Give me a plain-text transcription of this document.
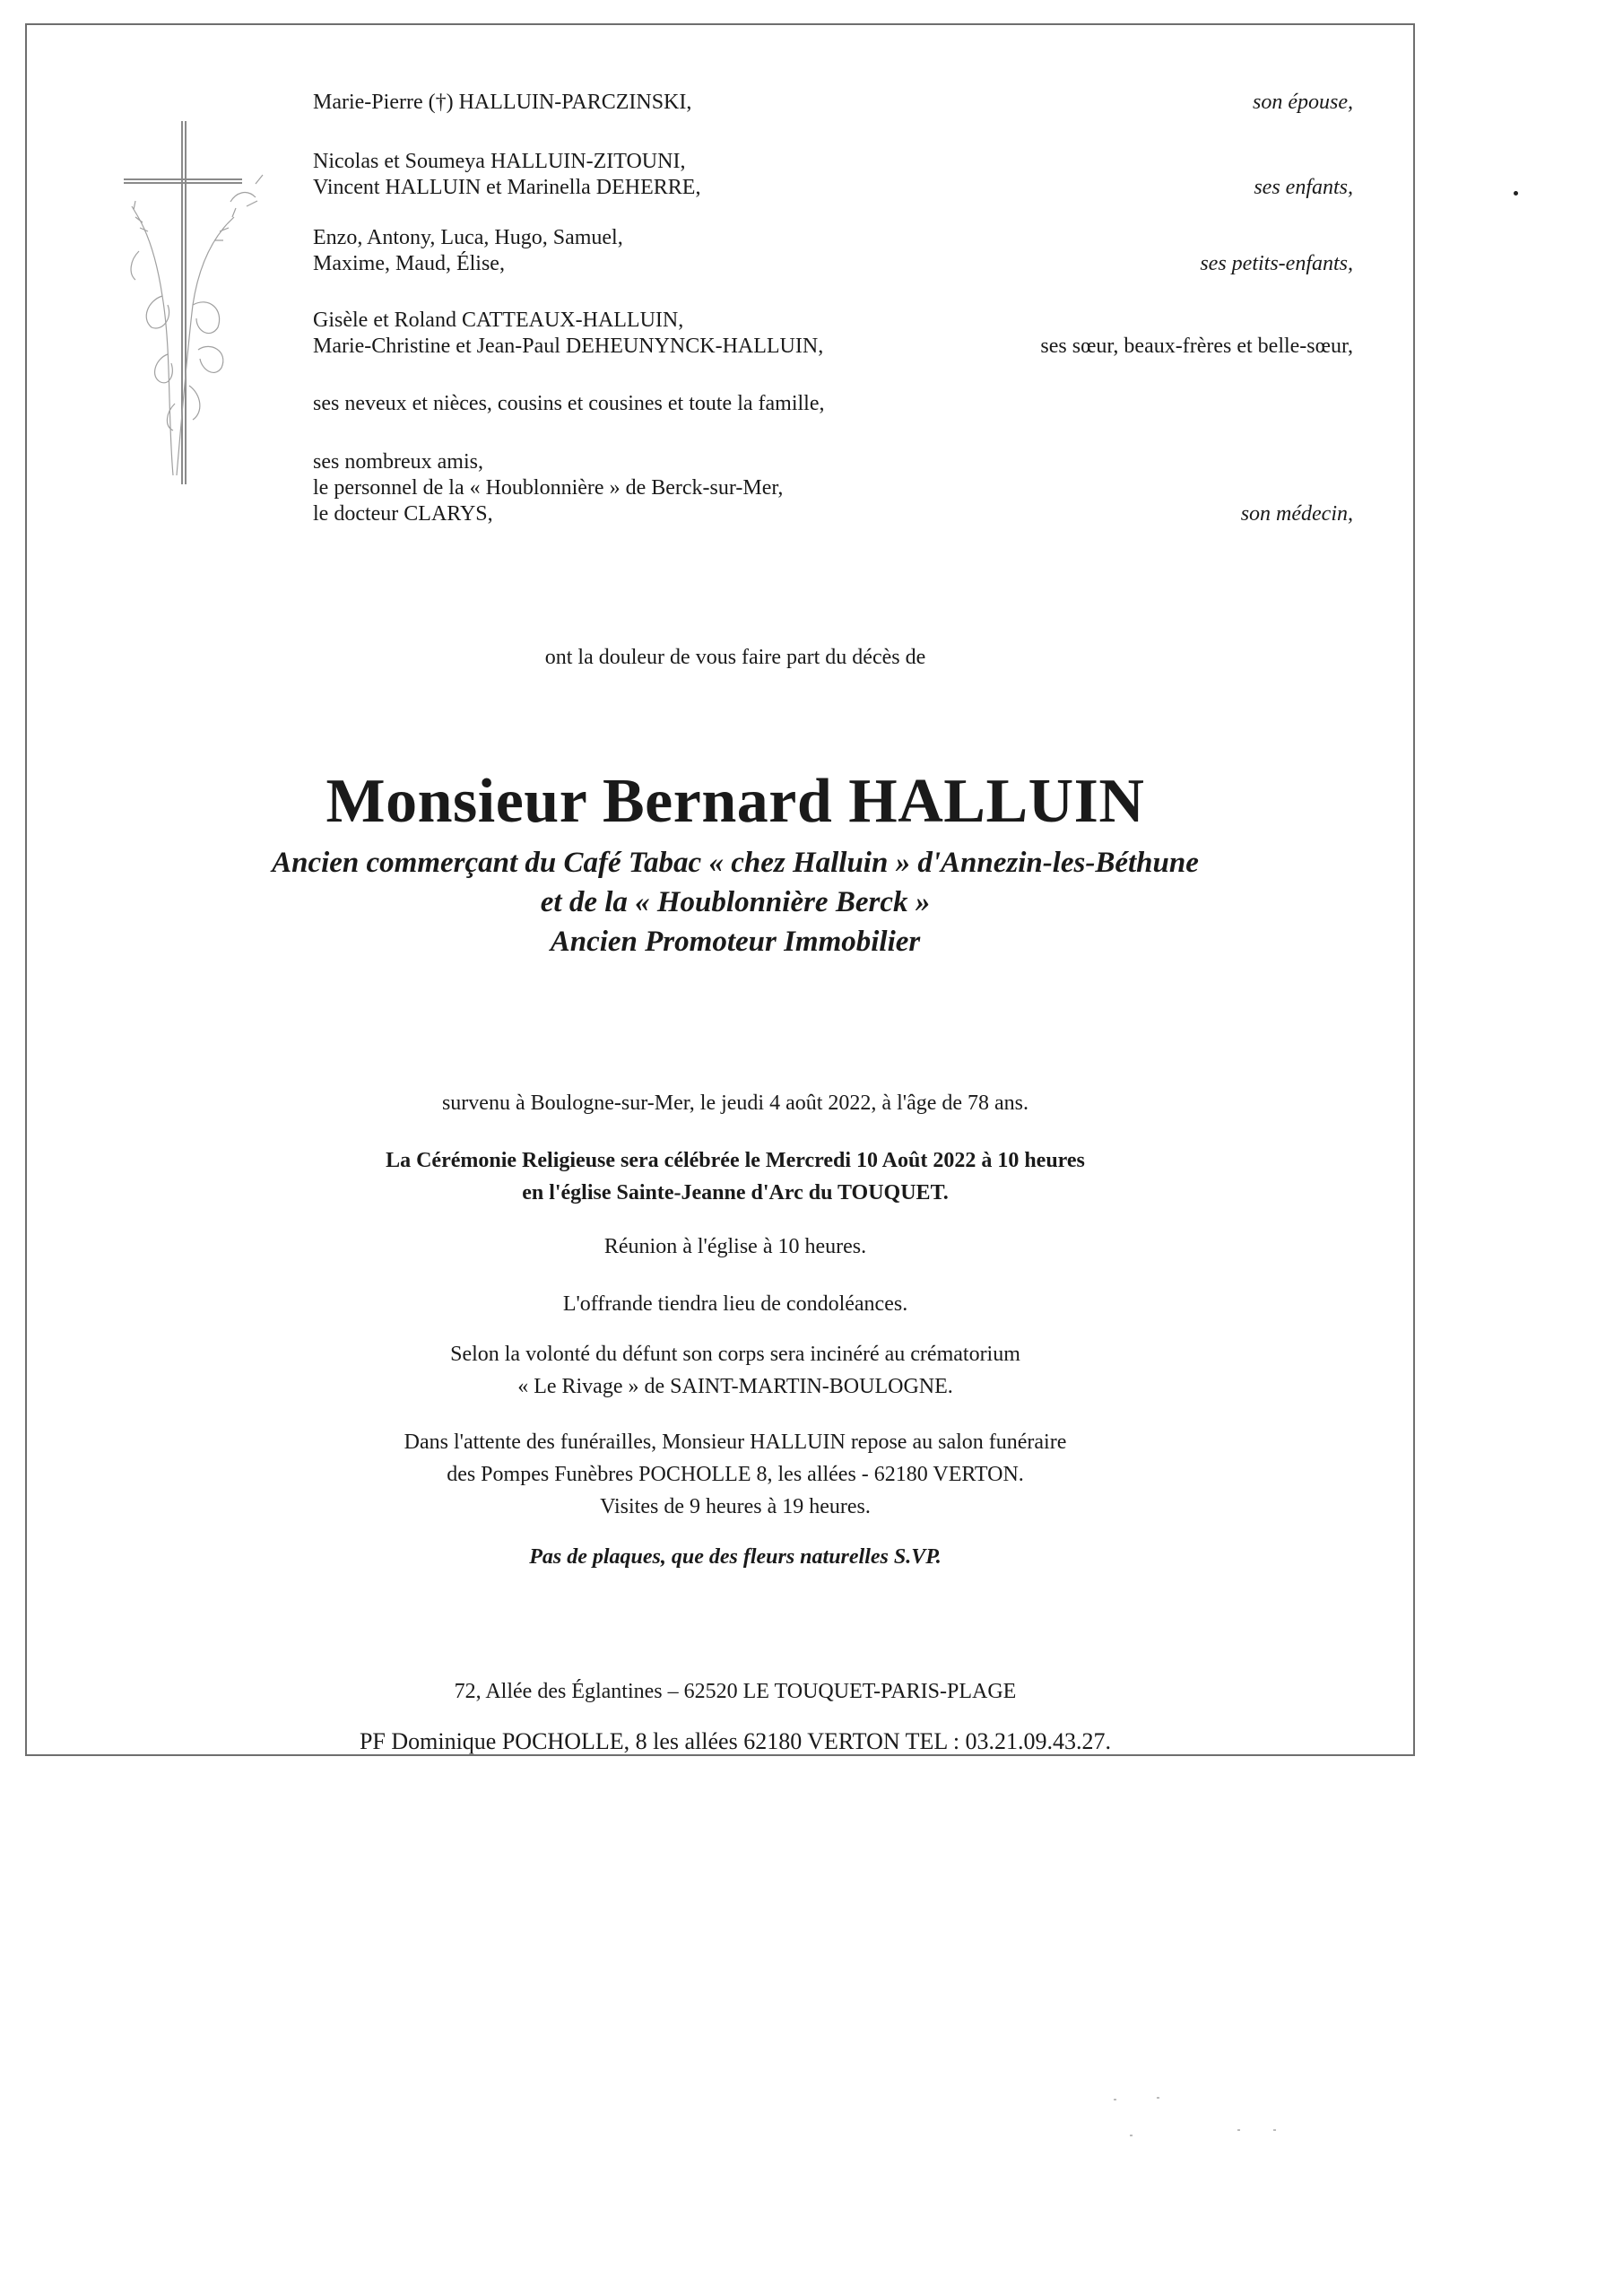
Marie-Pierre (†) HALLUIN-PARCZINSKI,	son épouse,
Nicolas et Soumeya HALLUIN-ZITOUNI,
Vincent HALLUIN et Marinella DEHERRE,	ses enfants,
Enzo, Antony, Luca, Hugo, Samuel,
Maxime, Maud, Élise,	ses petits-enfants,
Gisèle et Roland CATTEAUX-HALLUIN,
Marie-Christine et Jean-Paul DEHEUNYNCK-HALLUIN,	ses sœur, beaux-frères et belle-sœur,
ses neveux et nièces, cousins et cousines et toute la famille,
ses nombreux amis,
le personnel de la « Houblonnière » de Berck-sur-Mer,
le docteur CLARYS,	son médecin,
ont la douleur de vous faire part du décès de
Monsieur Bernard HALLUIN
Ancien commerçant du Café Tabac « chez Halluin » d'Annezin-les-Béthune
et de la « Houblonnière Berck »
Ancien Promoteur Immobilier
survenu à Boulogne-sur-Mer, le jeudi 4 août 2022, à l'âge de 78 ans.
La Cérémonie Religieuse sera célébrée le Mercredi 10 Août 2022 à 10 heures
en l'église Sainte-Jeanne d'Arc du TOUQUET.
Réunion à l'église à 10 heures.
L'offrande tiendra lieu de condoléances.
Selon la volonté du défunt son corps sera incinéré au crématorium
« Le Rivage » de SAINT-MARTIN-BOULOGNE.
Dans l'attente des funérailles, Monsieur HALLUIN repose au salon funéraire
des Pompes Funèbres POCHOLLE 8, les allées - 62180 VERTON.
Visites de 9 heures à 19 heures.
Pas de plaques, que des fleurs naturelles S.VP.
72, Allée des Églantines – 62520 LE TOUQUET-PARIS-PLAGE
PF Dominique POCHOLLE, 8 les allées 62180 VERTON TEL : 03.21.09.43.27.
